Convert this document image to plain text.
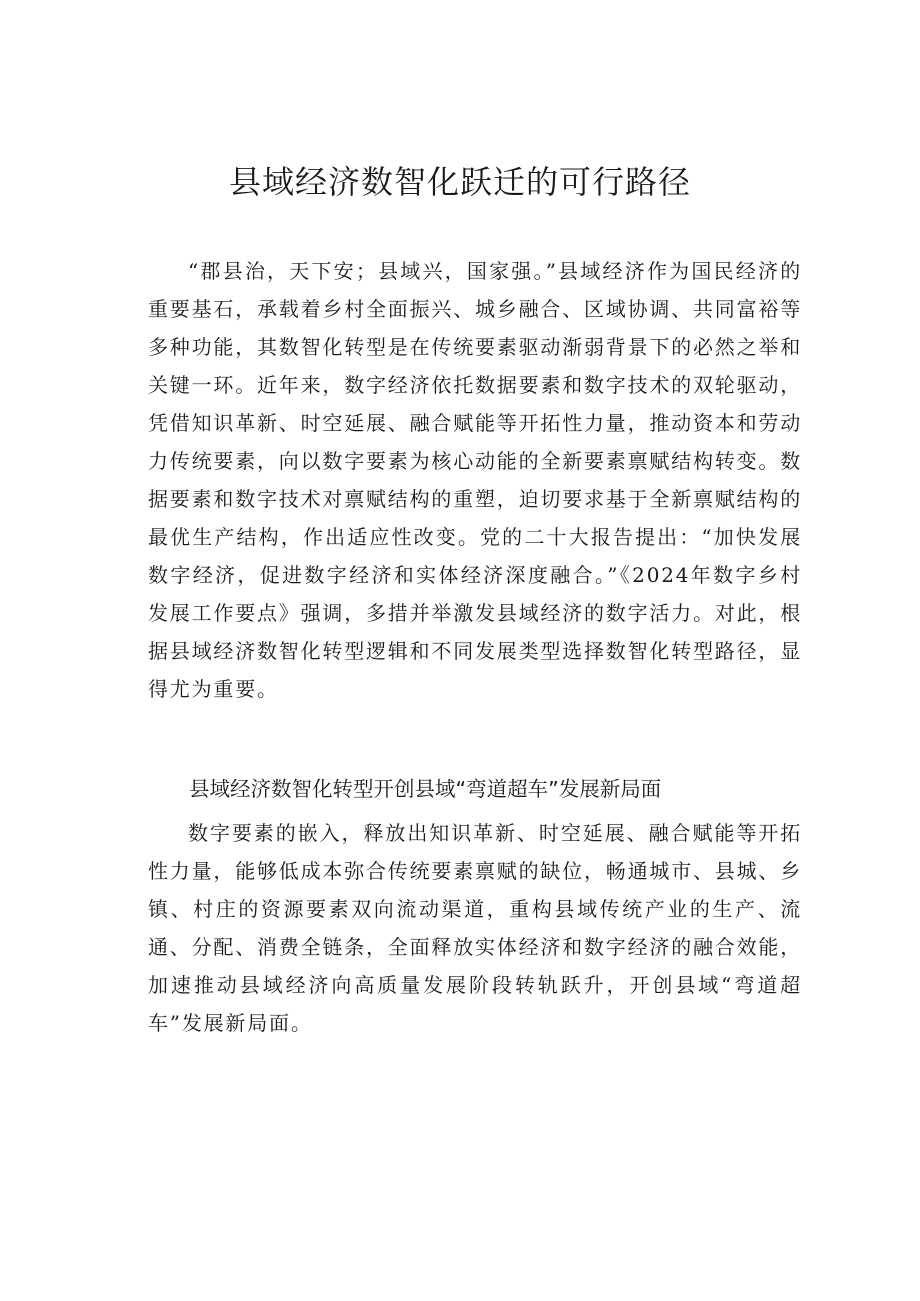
县域经济数智化跃迁的可行路径

“郡县治，天下安；县域兴，国家强。”县域经济作为国民经济的重要基石，承载着乡村全面振兴、城乡融合、区域协调、共同富裕等多种功能，其数智化转型是在传统要素驱动渐弱背景下的必然之举和关键一环。近年来，数字经济依托数据要素和数字技术的双轮驱动，凭借知识革新、时空延展、融合赋能等开拓性力量，推动资本和劳动力传统要素，向以数字要素为核心动能的全新要素禀赋结构转变。数据要素和数字技术对禀赋结构的重塑，迫切要求基于全新禀赋结构的最优生产结构，作出适应性改变。党的二十大报告提出：“加快发展数字经济，促进数字经济和实体经济深度融合。”《2024年数字乡村发展工作要点》强调，多措并举激发县域经济的数字活力。对此，根据县域经济数智化转型逻辑和不同发展类型选择数智化转型路径，显得尤为重要。

县域经济数智化转型开创县域“弯道超车”发展新局面

数字要素的嵌入，释放出知识革新、时空延展、融合赋能等开拓性力量，能够低成本弥合传统要素禀赋的缺位，畅通城市、县城、乡镇、村庄的资源要素双向流动渠道，重构县域传统产业的生产、流通、分配、消费全链条，全面释放实体经济和数字经济的融合效能，加速推动县域经济向高质量发展阶段转轨跃升，开创县域“弯道超车”发展新局面。
